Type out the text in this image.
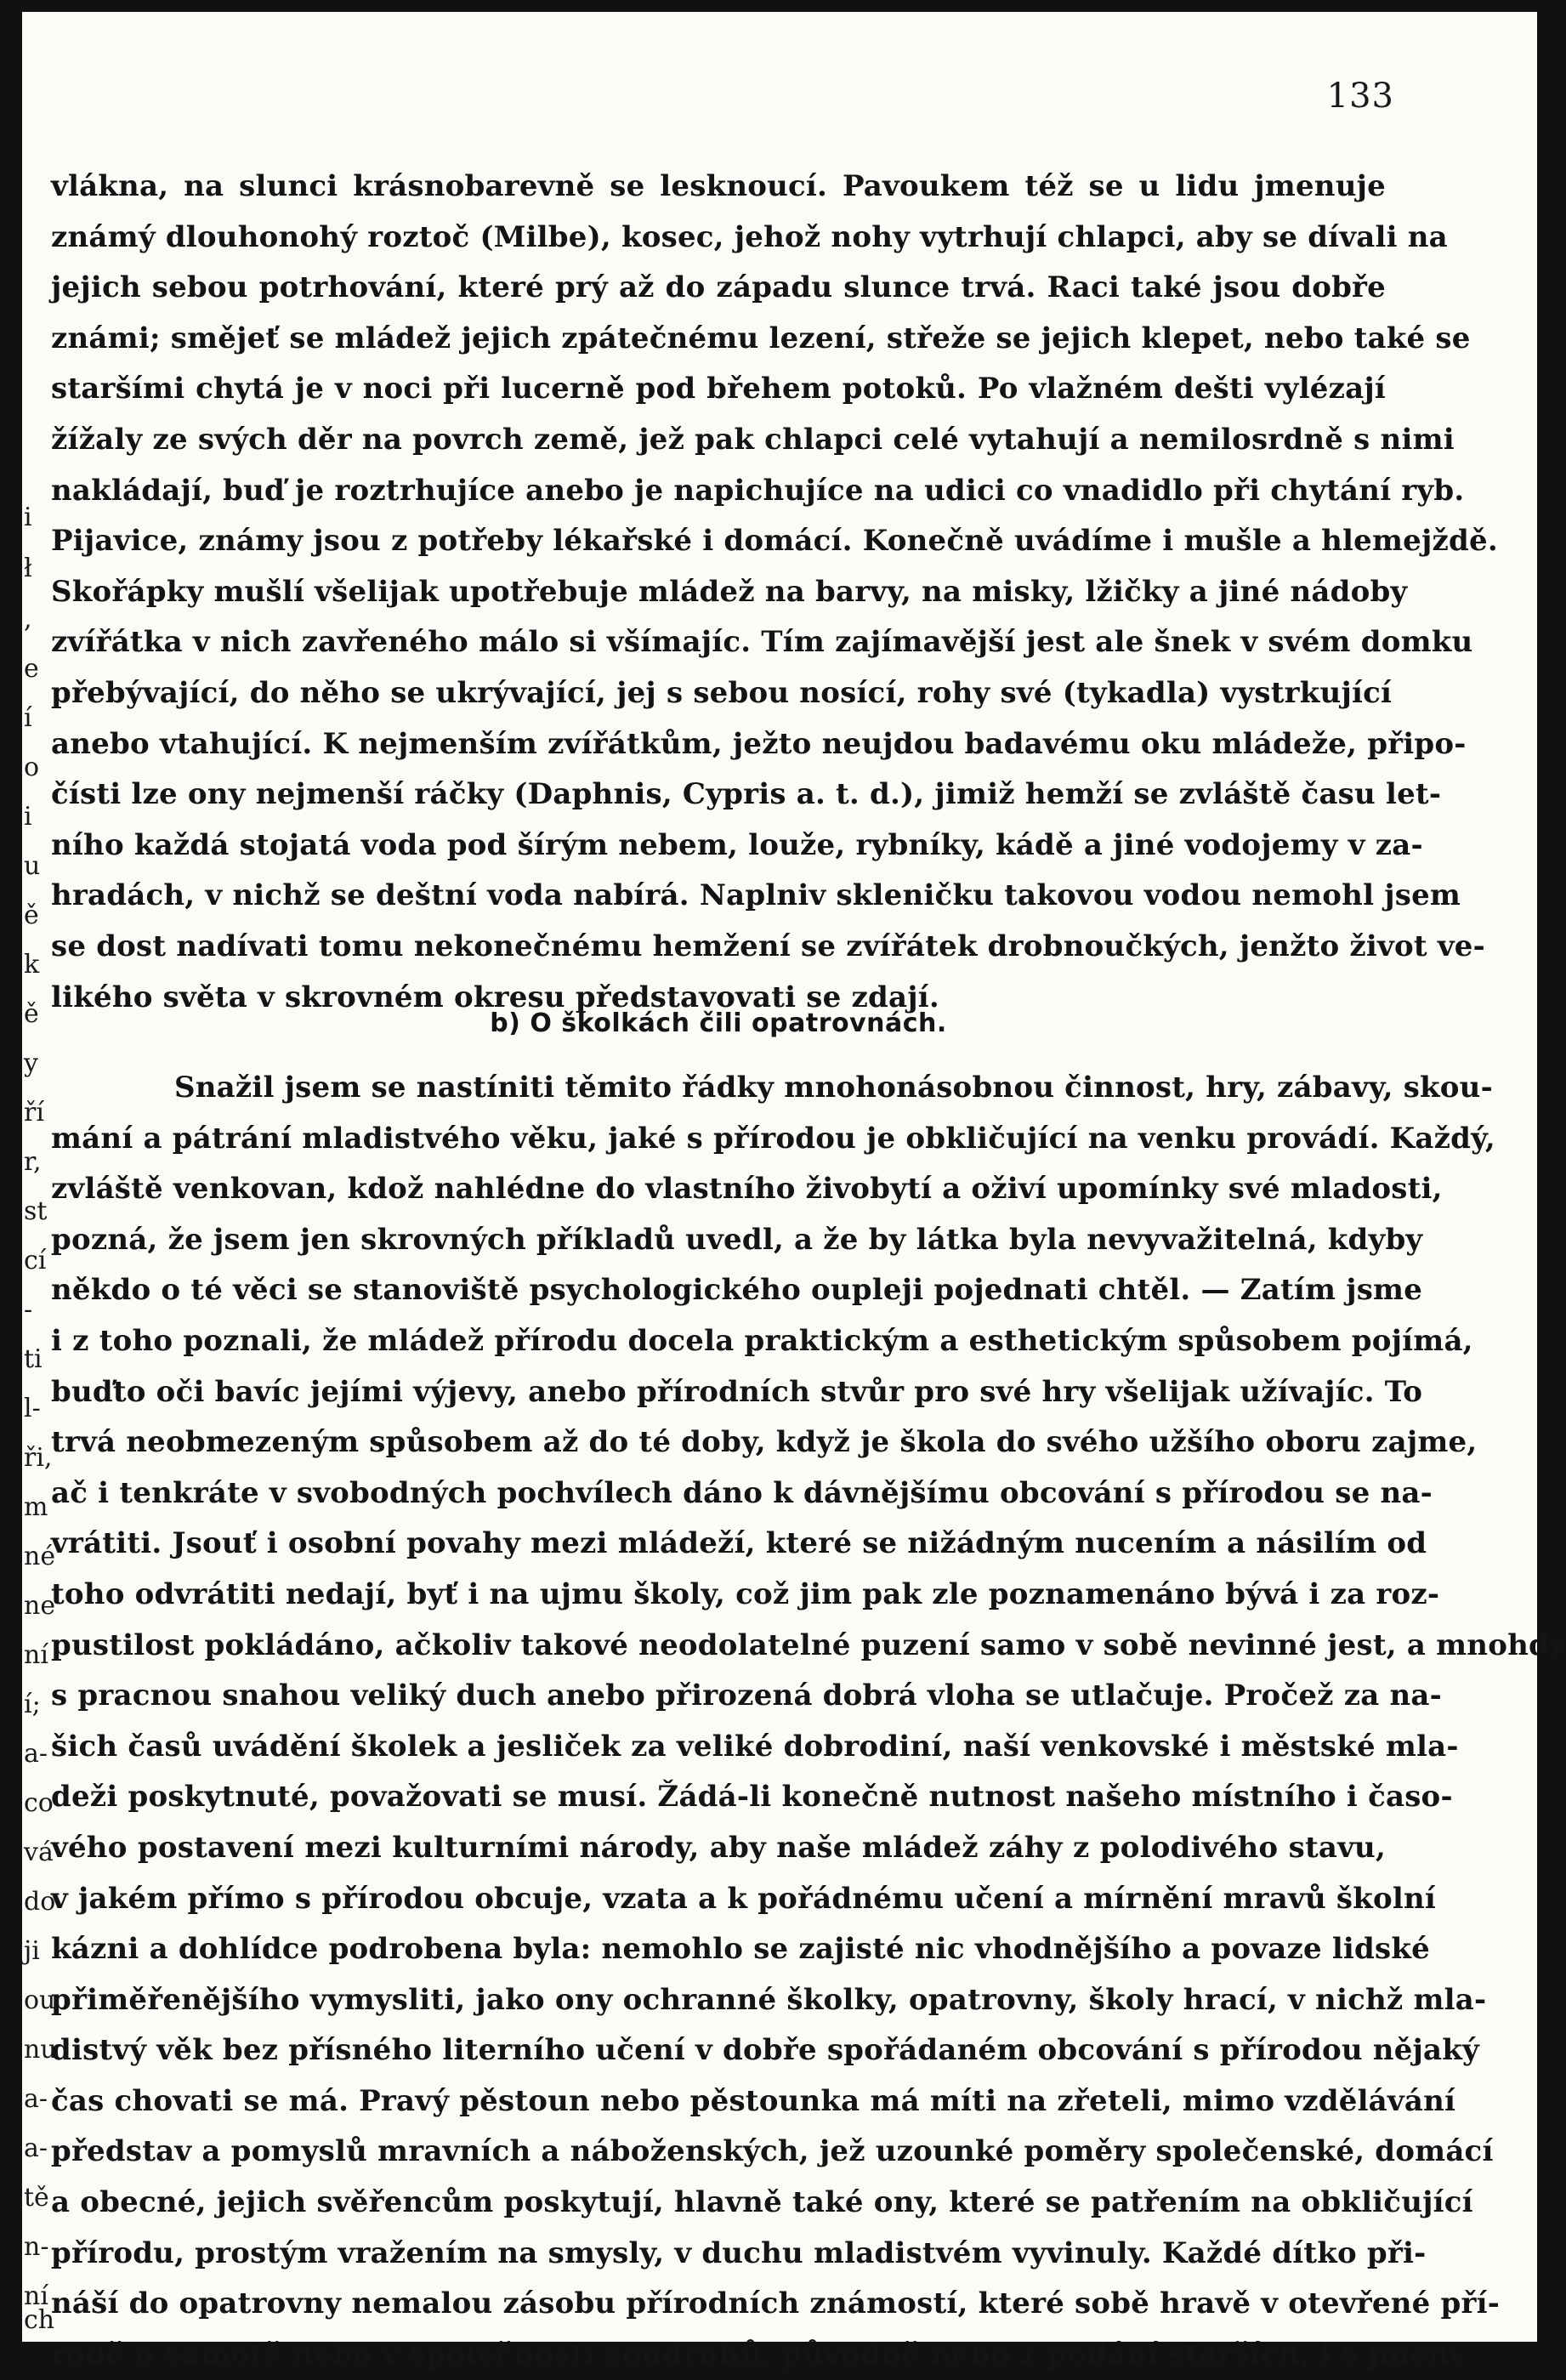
i
ł
,
e
í
o
i
u
ě
k
ě
y
ří
r,
st
cí
-
ti
l-
ři,
m
né
ne
ní
í;
a-
co
vá
do
ji
ou
nu
a-
a-
tě
n-
ní
ch
133
vlákna, na slunci krásnobarevně se lesknoucí. Pavoukem též se u lidu jmenuje
známý dlouhonohý roztoč (Milbe), kosec, jehož nohy vytrhují chlapci, aby se dívali na
jejich sebou potrhování, které prý až do západu slunce trvá. Raci také jsou dobře
známi; smějeť se mládež jejich zpátečnému lezení, střeže se jejich klepet, nebo také se
staršími chytá je v noci při lucerně pod břehem potoků. Po vlažném dešti vylézají
žížaly ze svých děr na povrch země, jež pak chlapci celé vytahují a nemilosrdně s nimi
nakládají, buď je roztrhujíce anebo je napichujíce na udici co vnadidlo při chytání ryb.
Pijavice, známy jsou z potřeby lékařské i domácí. Konečně uvádíme i mušle a hlemejždě.
Skořápky mušlí všelijak upotřebuje mládež na barvy, na misky, lžičky a jiné nádoby
zvířátka v nich zavřeného málo si všímajíc. Tím zajímavější jest ale šnek v svém domku
přebývající, do něho se ukrývající, jej s sebou nosící, rohy své (tykadla) vystrkující
anebo vtahující. K nejmenším zvířátkům, ježto neujdou badavému oku mládeže, připo-
čísti lze ony nejmenší ráčky (Daphnis, Cypris a. t. d.), jimiž hemží se zvláště času let-
ního každá stojatá voda pod šírým nebem, louže, rybníky, kádě a jiné vodojemy v za-
hradách, v nichž se deštní voda nabírá. Naplniv skleničku takovou vodou nemohl jsem
se dost nadívati tomu nekonečnému hemžení se zvířátek drobnoučkých, jenžto život ve-
likého světa v skrovném okresu představovati se zdají.
b) O školkách čili opatrovnách.
Snažil jsem se nastíniti těmito řádky mnohonásobnou činnost, hry, zábavy, skou-
mání a pátrání mladistvého věku, jaké s přírodou je obkličující na venku provádí. Každý,
zvláště venkovan, kdož nahlédne do vlastního živobytí a oživí upomínky své mladosti,
pozná, že jsem jen skrovných příkladů uvedl, a že by látka byla nevyvažitelná, kdyby
někdo o té věci se stanoviště psychologického oupleji pojednati chtěl. — Zatím jsme
i z toho poznali, že mládež přírodu docela praktickým a esthetickým spůsobem pojímá,
buďto oči bavíc jejími výjevy, anebo přírodních stvůr pro své hry všelijak užívajíc. To
trvá neobmezeným spůsobem až do té doby, když je škola do svého užšího oboru zajme,
ač i tenkráte v svobodných pochvílech dáno k dávnějšímu obcování s přírodou se na-
vrátiti. Jsouť i osobní povahy mezi mládeží, které se nižádným nucením a násilím od
toho odvrátiti nedají, byť i na ujmu školy, což jim pak zle poznamenáno bývá i za roz-
pustilost pokládáno, ačkoliv takové neodolatelné puzení samo v sobě nevinné jest, a mnohdy
s pracnou snahou veliký duch anebo přirozená dobrá vloha se utlačuje. Pročež za na-
šich časů uvádění školek a jesliček za veliké dobrodiní, naší venkovské i městské mla-
deži poskytnuté, považovati se musí. Žádá-li konečně nutnost našeho místního i časo-
vého postavení mezi kulturními národy, aby naše mládež záhy z polodivého stavu,
v jakém přímo s přírodou obcuje, vzata a k pořádnému učení a mírnění mravů školní
kázni a dohlídce podrobena byla: nemohlo se zajisté nic vhodnějšího a povaze lidské
přiměřenějšího vymysliti, jako ony ochranné školky, opatrovny, školy hrací, v nichž mla-
distvý věk bez přísného literního učení v dobře spořádaném obcování s přírodou nějaký
čas chovati se má. Pravý pěstoun nebo pěstounka má míti na zřeteli, mimo vzdělávání
představ a pomyslů mravních a náboženských, jež uzounké poměry společenské, domácí
a obecné, jejich svěřencům poskytují, hlavně také ony, které se patřením na obkličující
přírodu, prostým vražením na smysly, v duchu mladistvém vyvinuly. Každé dítko při-
náší do opatrovny nemalou zásobu přírodních známostí, které sobě hravě v otevřené pří-
rodě o samotě nebo v společnosti soudruhů, původně nebo z podání starších, i s jmeny
